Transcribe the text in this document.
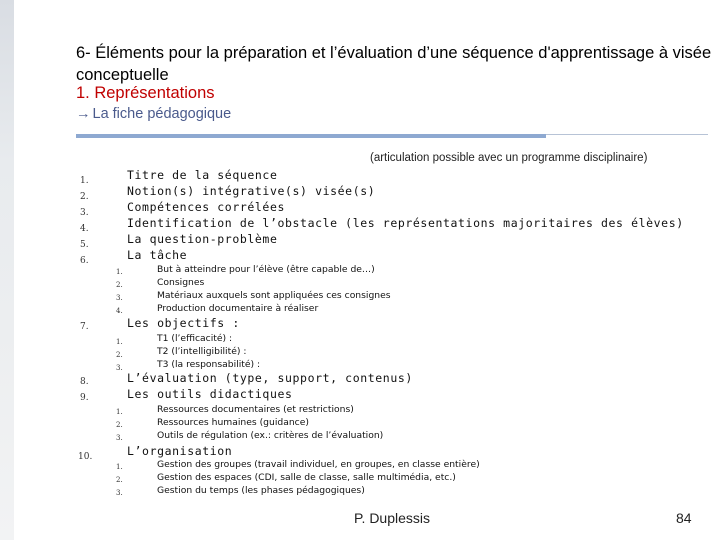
6- Éléments pour la préparation et l’évaluation d’une séquence d'apprentissage à visée conceptuelle
1. Représentations
→ La fiche pédagogique
(articulation possible avec un programme disciplinaire)
1.	Titre de la séquence
2.	Notion(s) intégrative(s) visée(s)
3.	Compétences corrélées
4.	Identification de l’obstacle (les représentations majoritaires des élèves)
5.	La question-problème
6.	La tâche
1.	But à atteindre pour l’élève (être capable de…)
2.	Consignes
3.	Matériaux auxquels sont appliquées ces consignes
4.	Production documentaire à réaliser
7.	Les objectifs :
1.	T1 (l’efficacité) :
2.	T2 (l’intelligibilité) :
3.	T3 (la responsabilité) :
8.	L’évaluation (type, support, contenus)
9.	Les outils didactiques
1.	Ressources documentaires (et restrictions)
2.	Ressources humaines (guidance)
3.	Outils de régulation (ex.: critères de l’évaluation)
10.	L’organisation
1.	Gestion des groupes (travail individuel, en groupes, en classe entière)
2.	Gestion des espaces (CDI, salle de classe, salle multimédia, etc.)
3.	Gestion du temps (les phases pédagogiques)
P. Duplessis	84
